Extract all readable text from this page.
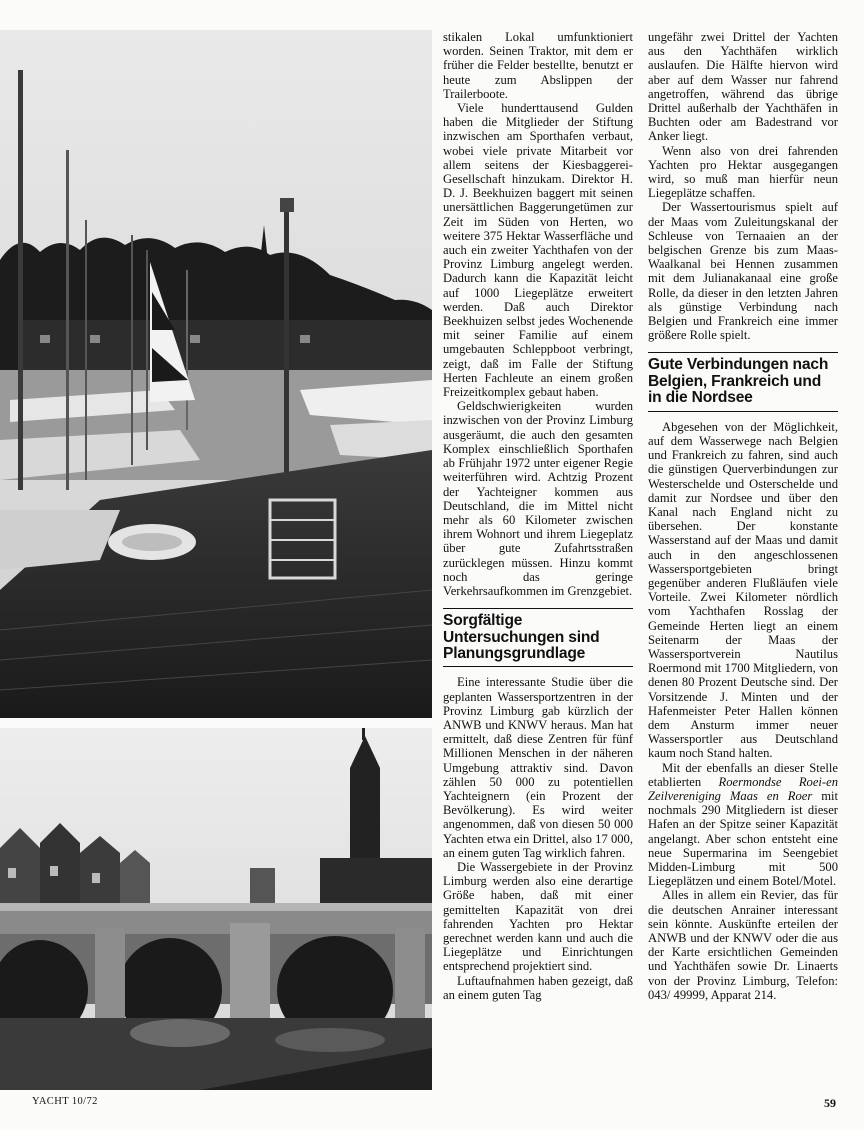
stikalen Lokal umfunktioniert worden. Seinen Traktor, mit dem er früher die Felder bestellte, benutzt er heute zum Abslippen der Trailerboote.

Viele hunderttausend Gulden haben die Mitglieder der Stiftung inzwischen am Sporthafen verbaut, wobei viele private Mitarbeit vor allem seitens der Kiesbaggerei-Gesellschaft hinzukam. Direktor H. D. J. Beekhuizen baggert mit seinen unersättlichen Baggerungetümen zur Zeit im Süden von Herten, wo weitere 375 Hektar Wasserfläche und auch ein zweiter Yachthafen von der Provinz Limburg angelegt werden. Dadurch kann die Kapazität leicht auf 1000 Liegeplätze erweitert werden. Daß auch Direktor Beekhuizen selbst jedes Wochenende mit seiner Familie auf einem umgebauten Schleppboot verbringt, zeigt, daß im Falle der Stiftung Herten Fachleute an einem großen Freizeitkomplex gebaut haben.

Geldschwierigkeiten wurden inzwischen von der Provinz Limburg ausgeräumt, die auch den gesamten Komplex einschließlich Sporthafen ab Frühjahr 1972 unter eigener Regie weiterführen wird. Achtzig Prozent der Yachteigner kommen aus Deutschland, die im Mittel nicht mehr als 60 Kilometer zwischen ihrem Wohnort und ihrem Liegeplatz über gute Zufahrtsstraßen zurücklegen müssen. Hinzu kommt noch das geringe Verkehrsaufkommen im Grenzgebiet.

Sorgfältige Untersuchungen sind Planungsgrundlage

Eine interessante Studie über die geplanten Wassersportzentren in der Provinz Limburg gab kürzlich der ANWB und KNWV heraus. Man hat ermittelt, daß diese Zentren für fünf Millionen Menschen in der näheren Umgebung attraktiv sind. Davon zählen 50 000 zu potentiellen Yachteignern (ein Prozent der Bevölkerung). Es wird weiter angenommen, daß von diesen 50 000 Yachten etwa ein Drittel, also 17 000, an einem guten Tag wirklich fahren.

Die Wassergebiete in der Provinz Limburg werden also eine derartige Größe haben, daß mit einer gemittelten Kapazität von drei fahrenden Yachten pro Hektar gerechnet werden kann und auch die Liegeplätze und Einrichtungen entsprechend projektiert sind.

Luftaufnahmen haben gezeigt, daß an einem guten Tag

ungefähr zwei Drittel der Yachten aus den Yachthäfen wirklich auslaufen. Die Hälfte hiervon wird aber auf dem Wasser nur fahrend angetroffen, während das übrige Drittel außerhalb der Yachthäfen in Buchten oder am Badestrand vor Anker liegt.

Wenn also von drei fahrenden Yachten pro Hektar ausgegangen wird, so muß man hierfür neun Liegeplätze schaffen.

Der Wassertourismus spielt auf der Maas vom Zuleitungskanal der Schleuse von Ternaaien an der belgischen Grenze bis zum Maas-Waalkanal bei Hennen zusammen mit dem Julianakanaal eine große Rolle, da dieser in den letzten Jahren als günstige Verbindung nach Belgien und Frankreich eine immer größere Rolle spielt.

Gute Verbindungen nach Belgien, Frankreich und in die Nordsee

Abgesehen von der Möglichkeit, auf dem Wasserwege nach Belgien und Frankreich zu fahren, sind auch die günstigen Querverbindungen zur Westerschelde und Osterschelde und damit zur Nordsee und über den Kanal nach England nicht zu übersehen. Der konstante Wasserstand auf der Maas und damit auch in den angeschlossenen Wassersportgebieten bringt gegenüber anderen Flußläufen viele Vorteile. Zwei Kilometer nördlich vom Yachthafen Rosslag der Gemeinde Herten liegt an einem Seitenarm der Maas der Wassersportverein Nautilus Roermond mit 1700 Mitgliedern, von denen 80 Prozent Deutsche sind. Der Vorsitzende J. Minten und der Hafenmeister Peter Hallen können dem Ansturm immer neuer Wassersportler aus Deutschland kaum noch Stand halten.

Mit der ebenfalls an dieser Stelle etablierten Roermondse Roei-en Zeilvereniging Maas en Roer mit nochmals 290 Mitgliedern ist dieser Hafen an der Spitze seiner Kapazität angelangt. Aber schon entsteht eine neue Supermarina im Seengebiet Midden-Limburg mit 500 Liegeplätzen und einem Botel/Motel.

Alles in allem ein Revier, das für die deutschen Anrainer interessant sein könnte. Auskünfte erteilen der ANWB und der KNWV oder die aus der Karte ersichtlichen Gemeinden und Yachthäfen sowie Dr. Linaerts von der Provinz Limburg, Telefon: 043/ 49999, Apparat 214.

YACHT 10/72	59
